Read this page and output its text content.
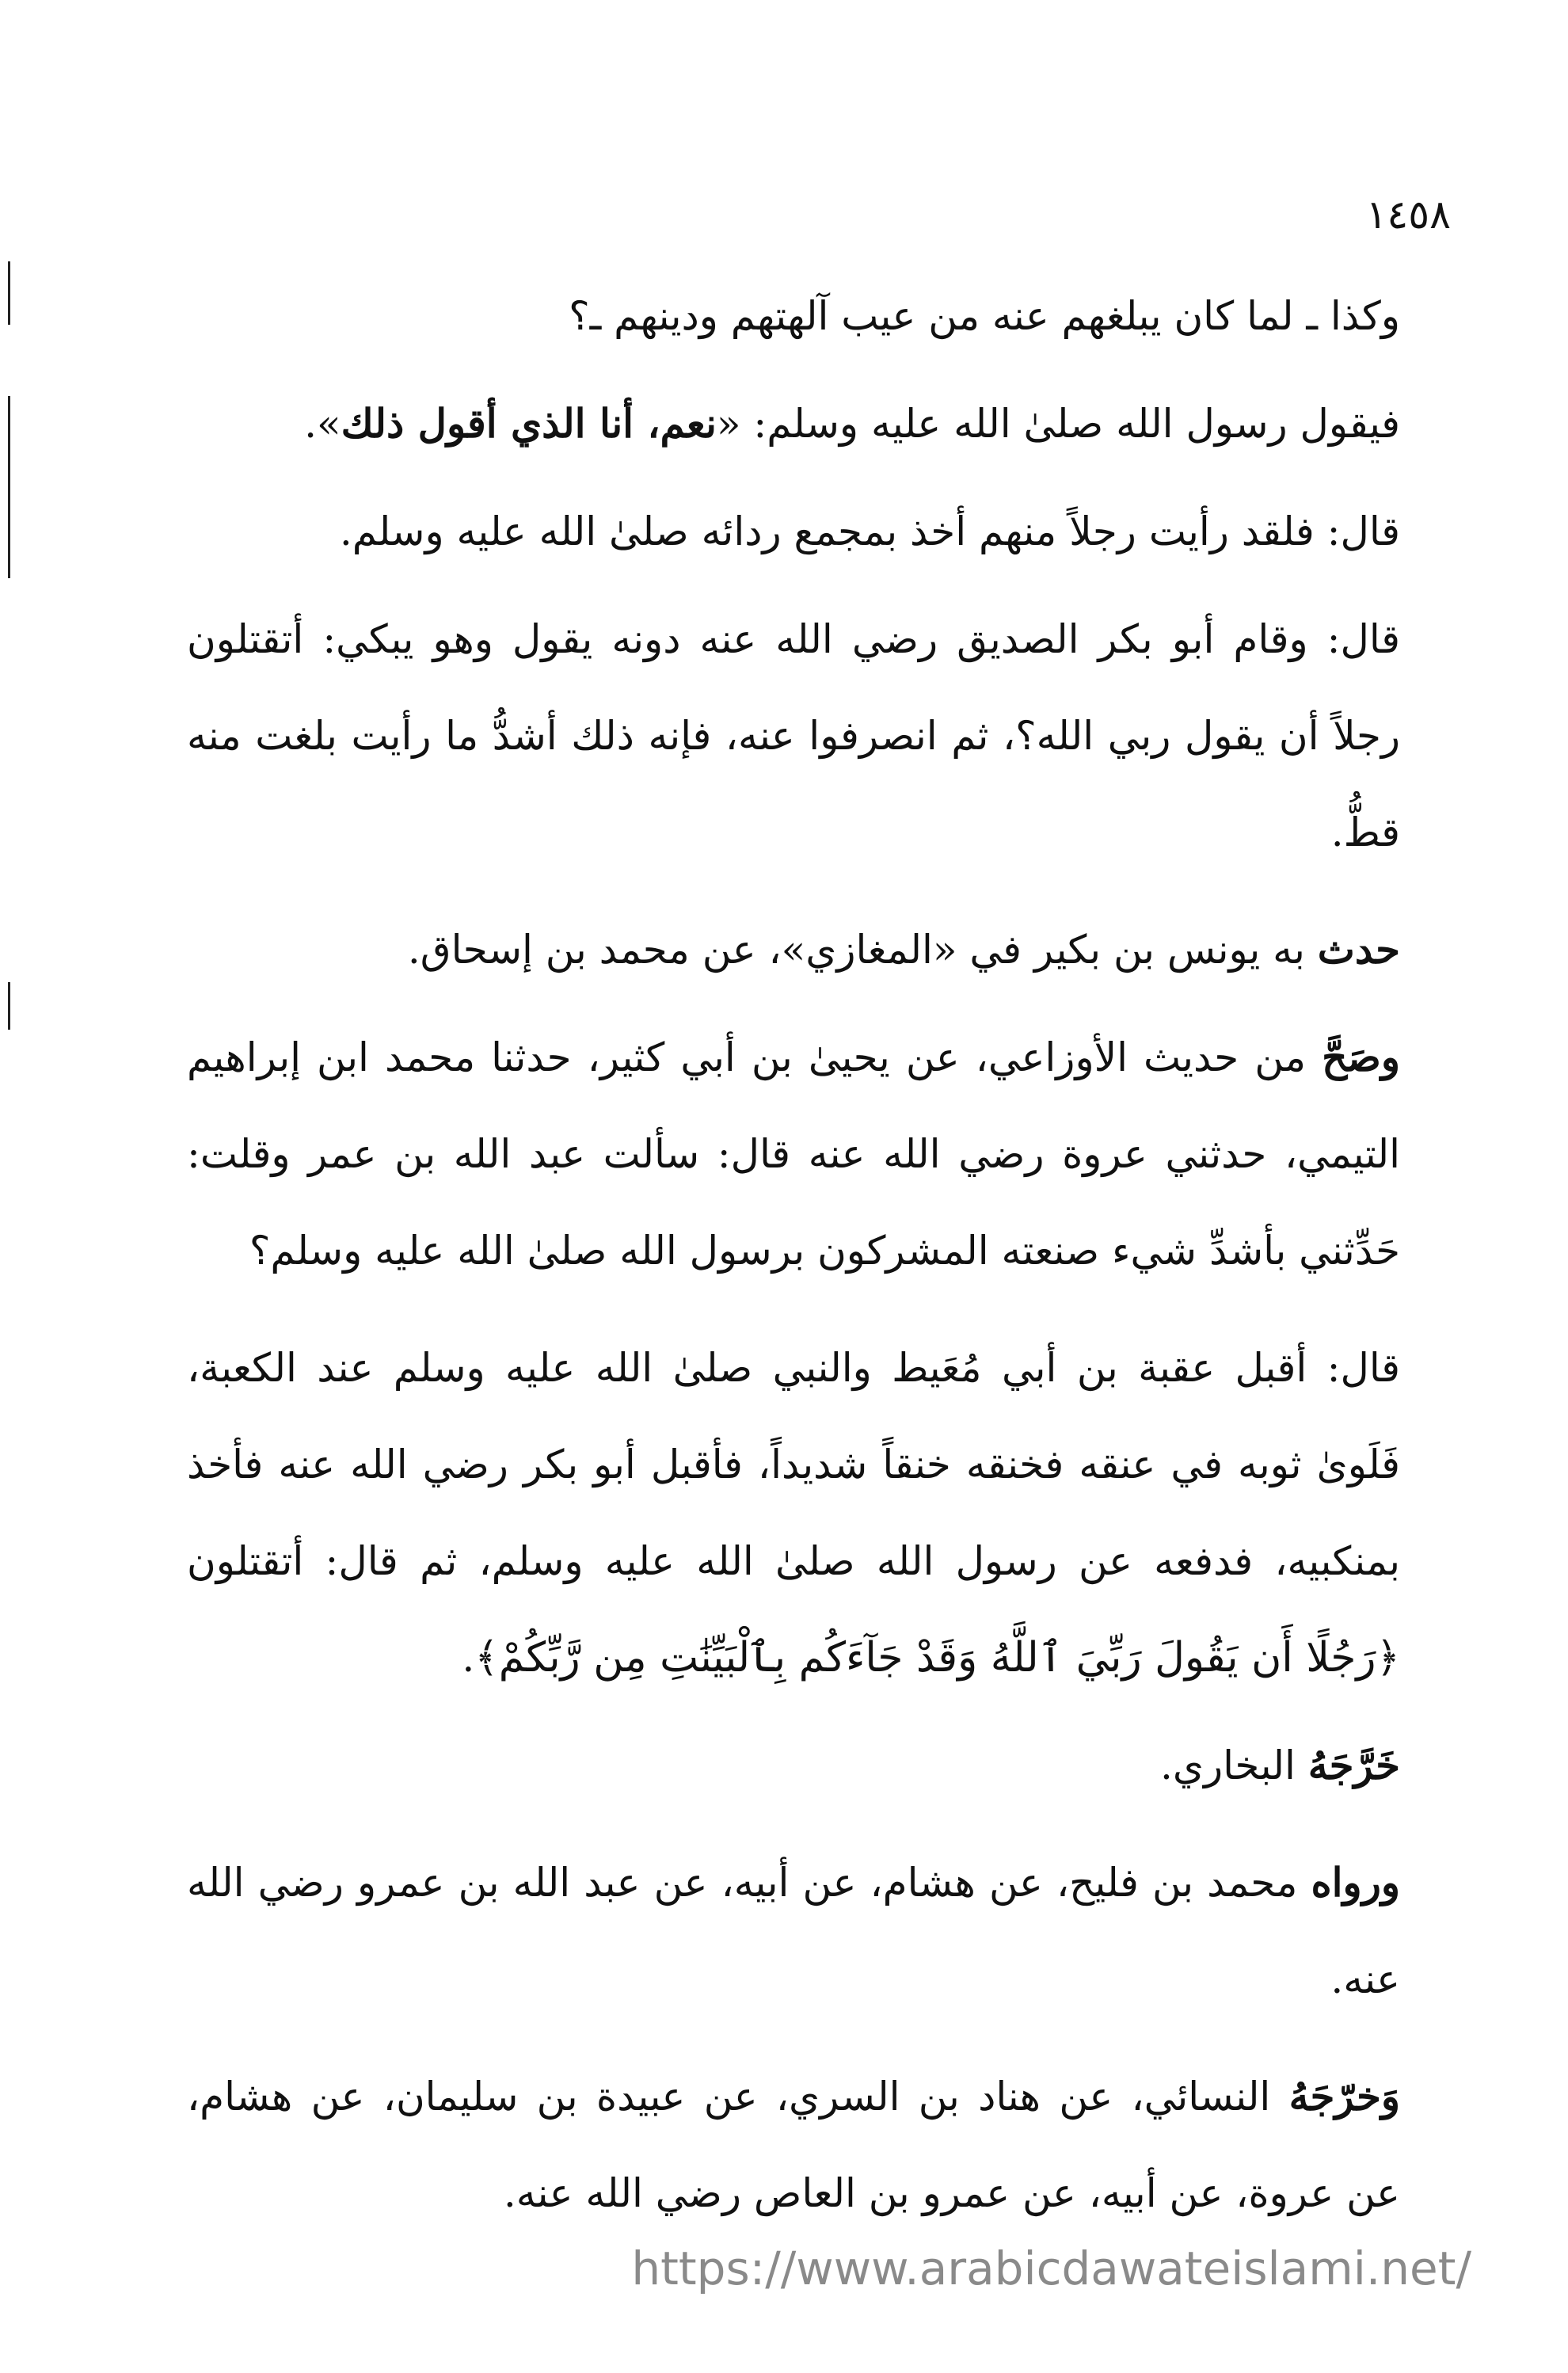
١٤٥٨

وكذا ـ لما كان يبلغهم عنه من عيب آلهتهم ودينهم ـ؟

فيقول رسول الله صلىٰ الله عليه وسلم: «نعم، أنا الذي أقول ذلك».

قال: فلقد رأيت رجلاً منهم أخذ بمجمع ردائه صلىٰ الله عليه وسلم.

قال: وقام أبو بكر الصديق رضي الله عنه دونه يقول وهو يبكي: أتقتلون رجلاً أن يقول ربي الله؟، ثم انصرفوا عنه، فإنه ذلك أشدُّ ما رأيت بلغت منه قطُّ.

حدث به يونس بن بكير في «المغازي»، عن محمد بن إسحاق.

وصَحَّ من حديث الأوزاعي، عن يحيىٰ بن أبي كثير، حدثنا محمد ابن إبراهيم التيمي، حدثني عروة رضي الله عنه قال: سألت عبد الله بن عمر وقلت: حَدِّثني بأشدِّ شيء صنعته المشركون برسول الله صلىٰ الله عليه وسلم؟

قال: أقبل عقبة بن أبي مُعَيط والنبي صلىٰ الله عليه وسلم عند الكعبة، فَلَوىٰ ثوبه في عنقه فخنقه خنقاً شديداً، فأقبل أبو بكر رضي الله عنه فأخذ بمنكبيه، فدفعه عن رسول الله صلىٰ الله عليه وسلم، ثم قال: أتقتلون ﴿رَجُلًا أَن يَقُولَ رَبِّيَ ٱللَّهُ وَقَدْ جَآءَكُم بِٱلْبَيِّنَٰتِ مِن رَّبِّكُمْ﴾.

خَرَّجَهُ البخاري.

ورواه محمد بن فليح، عن هشام، عن أبيه، عن عبد الله بن عمرو رضي الله عنه.

وَخرّجَهُ النسائي، عن هناد بن السري، عن عبيدة بن سليمان، عن هشام، عن عروة، عن أبيه، عن عمرو بن العاص رضي الله عنه.

https://www.arabicdawateislami.net/
